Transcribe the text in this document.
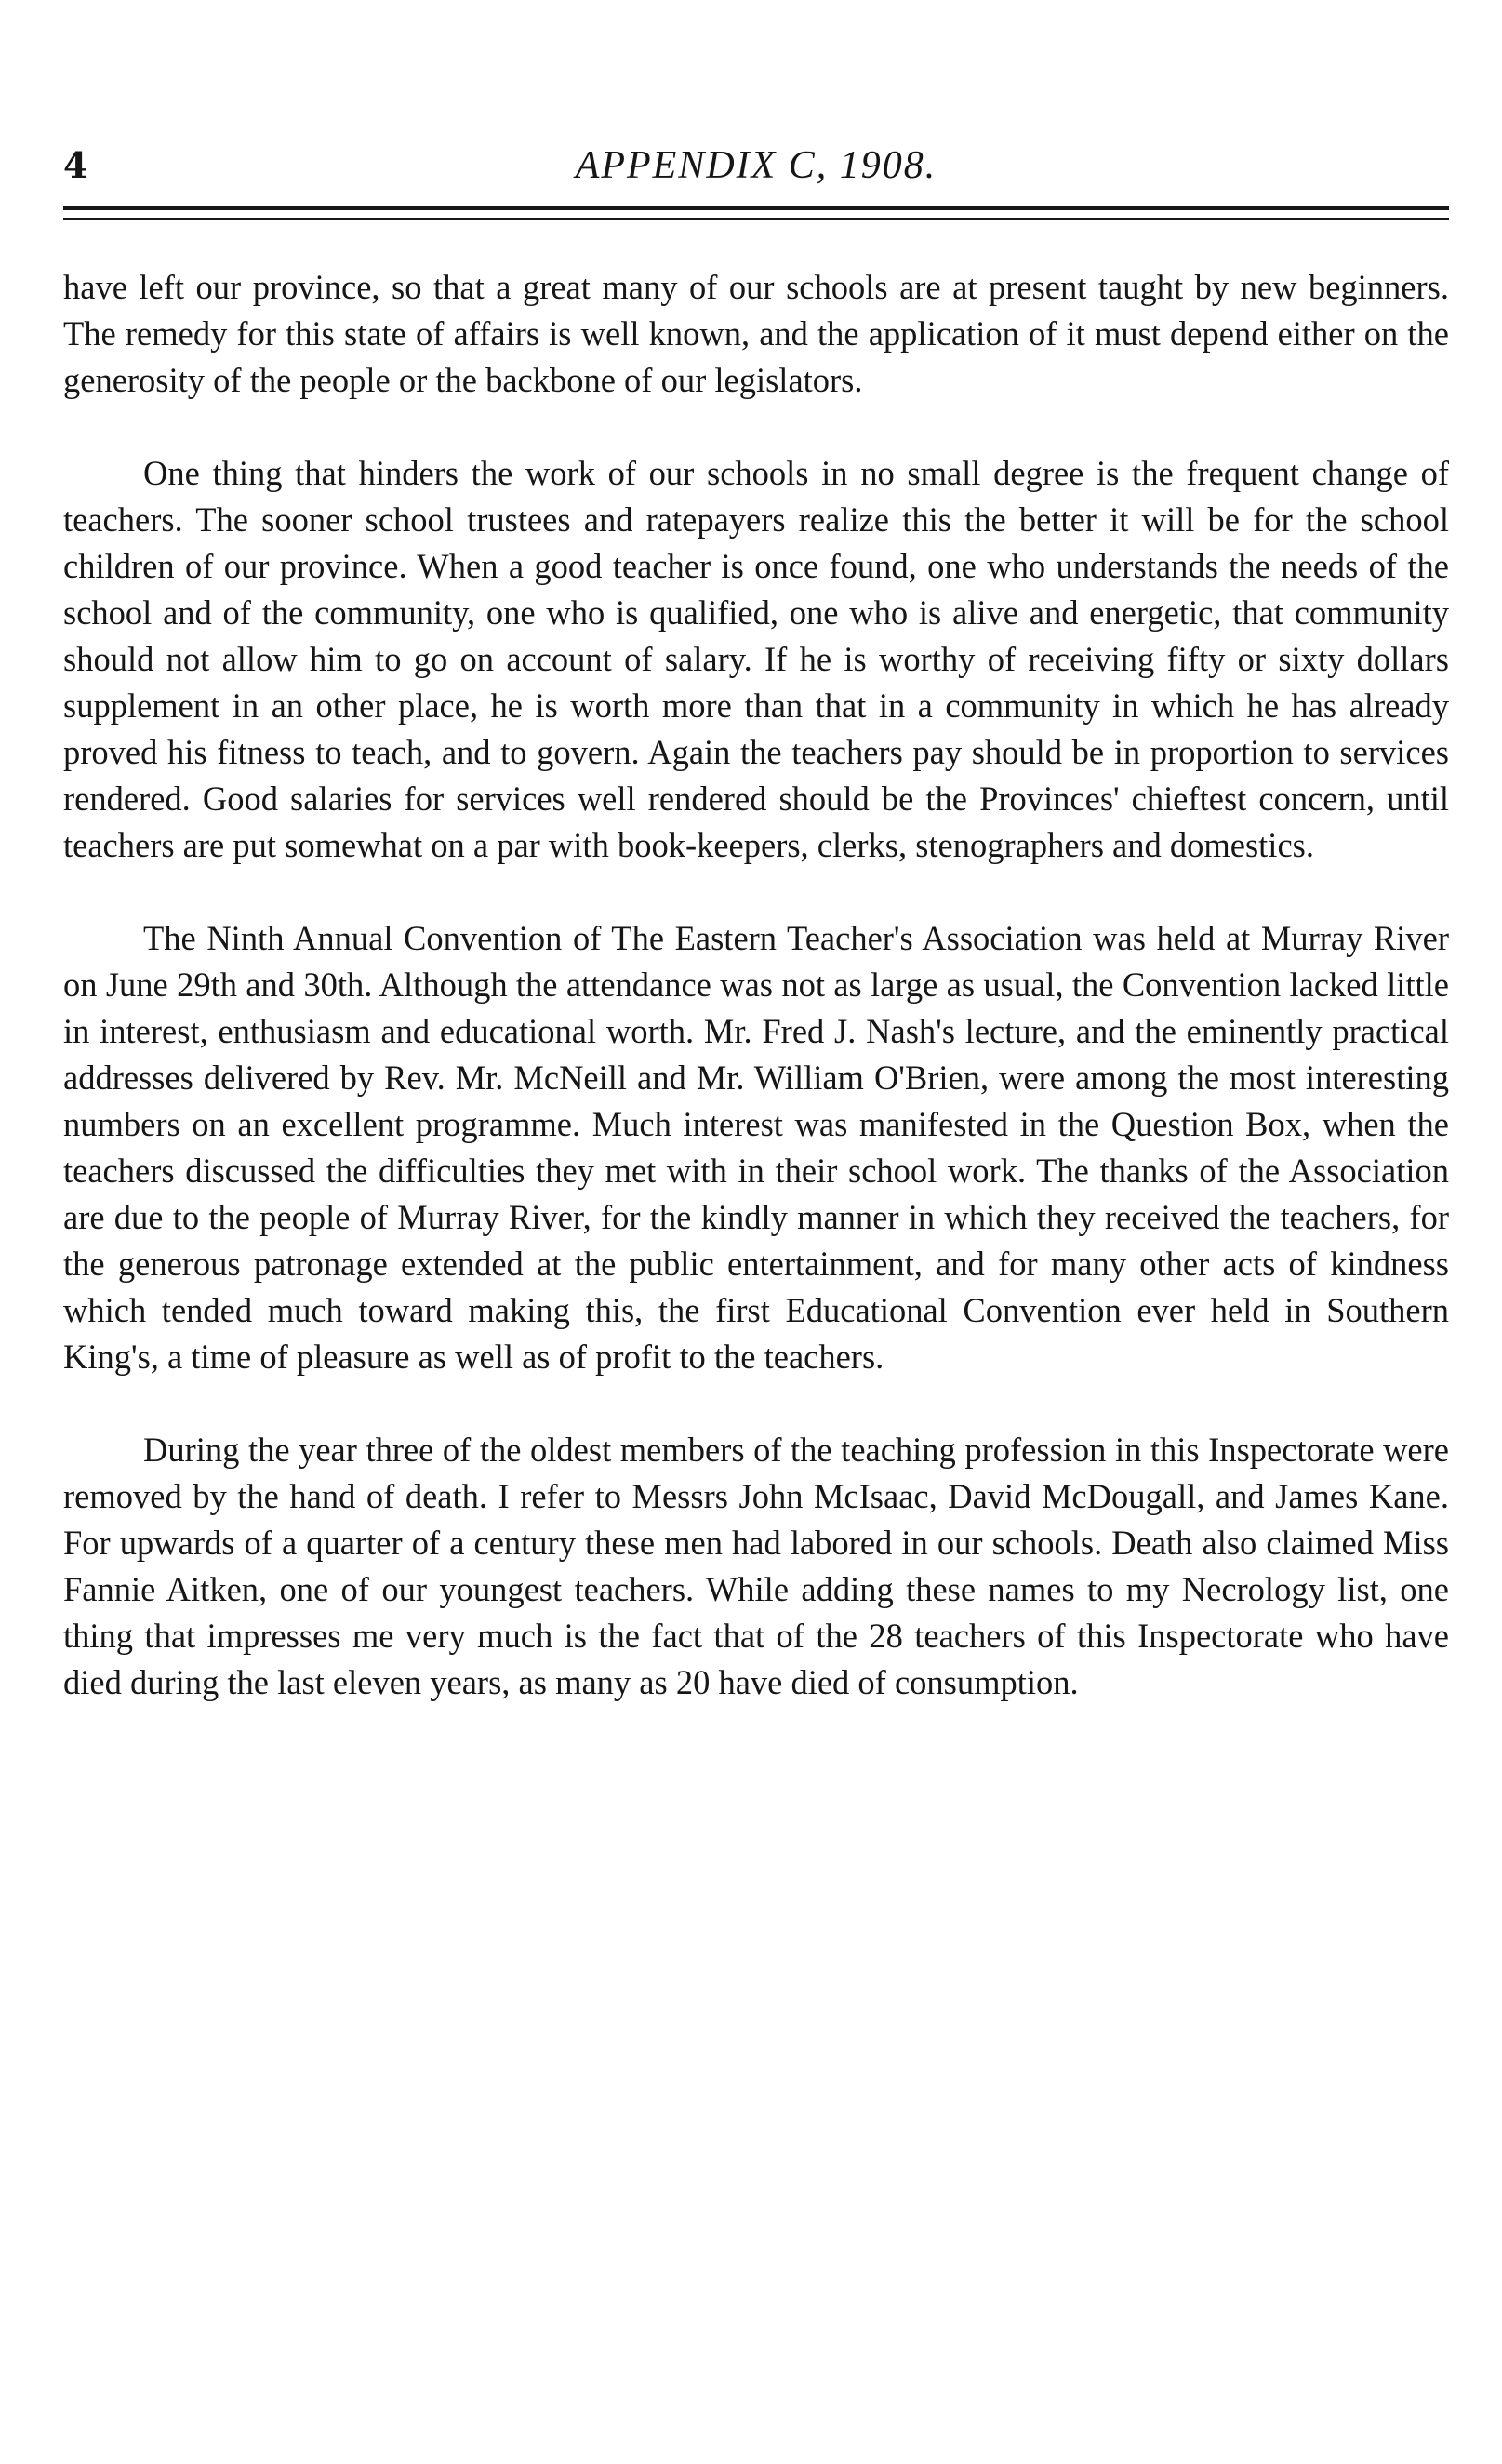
4	APPENDIX C, 1908.

have left our province, so that a great many of our schools are at present taught by new beginners. The remedy for this state of affairs is well known, and the application of it must depend either on the generosity of the people or the backbone of our legislators.

One thing that hinders the work of our schools in no small degree is the frequent change of teachers. The sooner school trustees and ratepayers realize this the better it will be for the school children of our province. When a good teacher is once found, one who understands the needs of the school and of the community, one who is qualified, one who is alive and energetic, that community should not allow him to go on account of salary. If he is worthy of receiving fifty or sixty dollars supplement in an other place, he is worth more than that in a community in which he has already proved his fitness to teach, and to govern. Again the teachers pay should be in proportion to services rendered. Good salaries for services well rendered should be the Provinces' chieftest concern, until teachers are put somewhat on a par with book-keepers, clerks, stenographers and domestics.

The Ninth Annual Convention of The Eastern Teacher's Association was held at Murray River on June 29th and 30th. Although the attendance was not as large as usual, the Convention lacked little in interest, enthusiasm and educational worth. Mr. Fred J. Nash's lecture, and the eminently practical addresses delivered by Rev. Mr. McNeill and Mr. William O'Brien, were among the most interesting numbers on an excellent programme. Much interest was manifested in the Question Box, when the teachers discussed the difficulties they met with in their school work. The thanks of the Association are due to the people of Murray River, for the kindly manner in which they received the teachers, for the generous patronage extended at the public entertainment, and for many other acts of kindness which tended much toward making this, the first Educational Convention ever held in Southern King's, a time of pleasure as well as of profit to the teachers.

During the year three of the oldest members of the teaching profession in this Inspectorate were removed by the hand of death. I refer to Messrs John McIsaac, David McDougall, and James Kane. For upwards of a quarter of a century these men had labored in our schools. Death also claimed Miss Fannie Aitken, one of our youngest teachers. While adding these names to my Necrology list, one thing that impresses me very much is the fact that of the 28 teachers of this Inspectorate who have died during the last eleven years, as many as 20 have died of consumption.
